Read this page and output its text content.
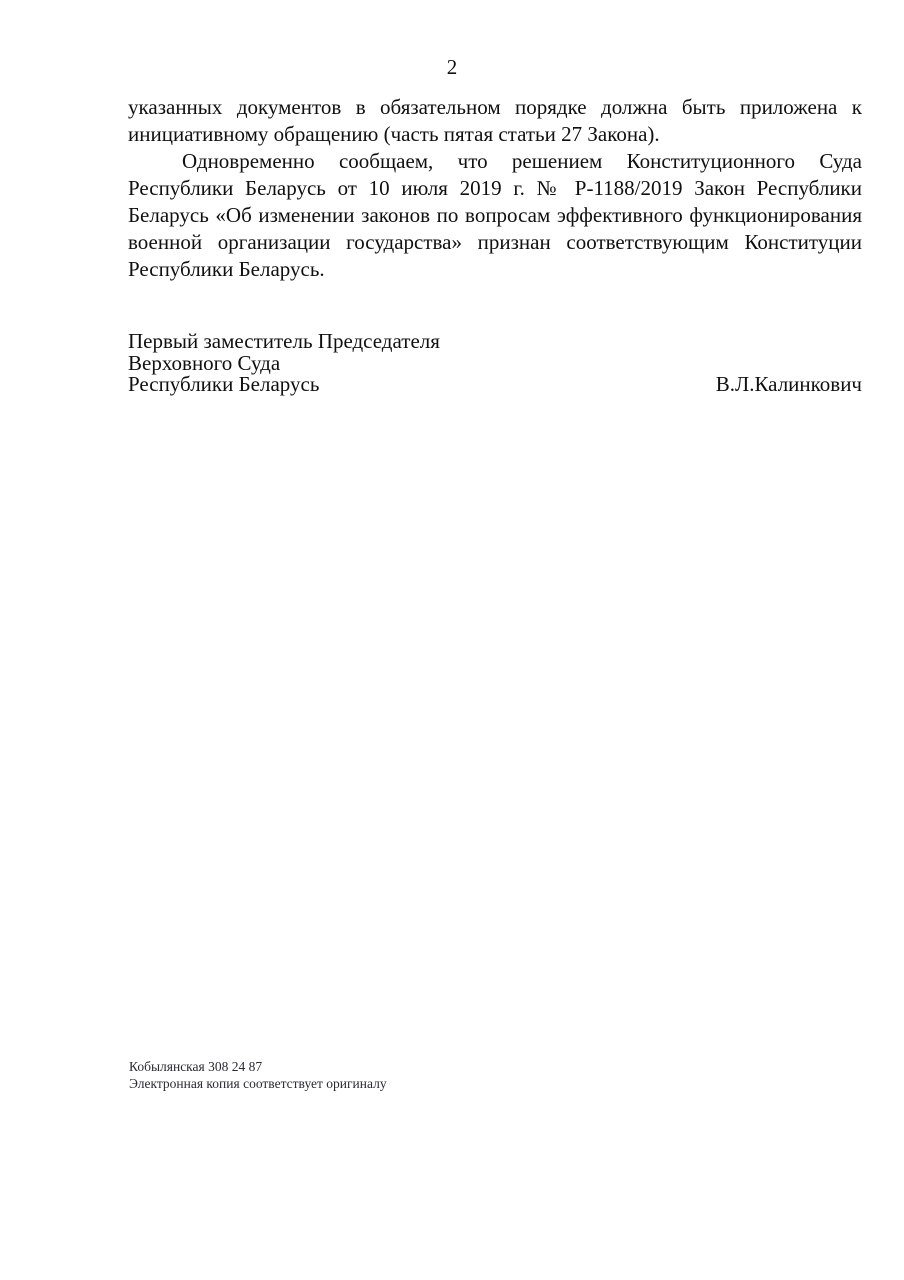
2

указанных документов в обязательном порядке должна быть приложена к инициативному обращению (часть пятая статьи 27 Закона).

Одновременно сообщаем, что решением Конституционного Суда Республики Беларусь от 10 июля 2019 г. № Р-1188/2019 Закон Республики Беларусь «Об изменении законов по вопросам эффективного функционирования военной организации государства» признан соответствующим Конституции Республики Беларусь.

Первый заместитель Председателя
Верховного Суда
Республики Беларусь	В.Л.Калинкович
Кобылянская 308 24 87
Электронная копия соответствует оригиналу
